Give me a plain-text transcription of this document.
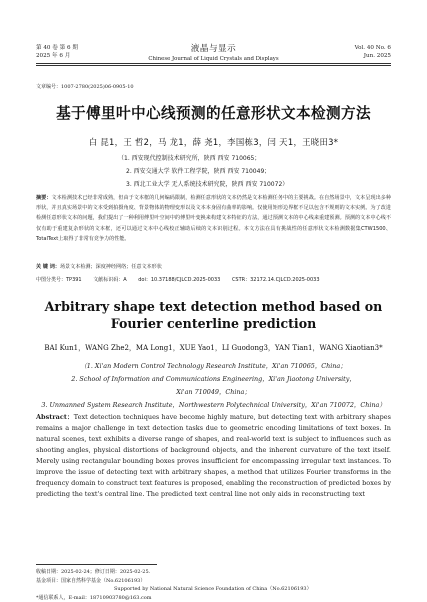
第 40 卷 第 6 期
2025 年 6 月
液晶与显示
Chinese Journal of Liquid Crystals and Displays
Vol. 40 No. 6
Jun. 2025
文章编号：1007-2780(2025)06-0905-10
基于傅里叶中心线预测的任意形状文本检测方法
白 昆1，王 哲2，马 龙1，薛 尧1，李国栋3，闫 天1，王晓田3*
（1. 西安现代控制技术研究所，陕西 西安 710065；
2. 西安交通大学 软件工程学院，陕西 西安 710049；
3. 西北工业大学 无人系统技术研究院，陕西 西安 710072）
摘要：文本检测技术已经非常成熟，但由于文本框的几何编码限制，检测任意形状的文本仍然是文本检测任务中的主要挑战。在自然场景中，文本呈现出多种形状，并且真实场景中的文本受到拍摄角度、背景物体的物理变形以及文本本身固有曲率的影响。仅使用矩形边界框不足以包含不规则的文本实例。为了改进检测任意形状文本的问题，我们提出了一种利用傅里叶空间中的傅里叶变换来构建文本特征的方法，通过预测文本的中心线来重建预测。预测的文本中心线不仅有助于重建复杂形状的文本框，还可以通过文本中心线校正辅助后续的文本识别过程。本文方法在具有挑战性的任意形状文本检测数据集CTW1500、TotalText上取得了非常有竞争力的性能。
关 键 词：场景文本检测；深度神经网络；任意文本形状
中图分类号：TP391 文献标识码：A doi：10.37188/CJLCD.2025-0033 CSTR：32172.14.CJLCD.2025-0033
Arbitrary shape text detection method based on Fourier centerline prediction
BAI Kun1，WANG Zhe2，MA Long1，XUE Yao1，LI Guodong3，YAN Tian1，WANG Xiaotian3*
（1. Xi'an Modern Control Technology Research Institute，Xi'an 710065，China；
2. School of Information and Communications Engineering，Xi'an Jiaotong University，
Xi'an 710049，China；
3. Unmanned System Research Institute，Northwestern Polytechnical University，Xi'an 710072，China）
Abstract：Text detection techniques have become highly mature, but detecting text with arbitrary shapes remains a major challenge in text detection tasks due to geometric encoding limitations of text boxes. In natural scenes, text exhibits a diverse range of shapes, and real-world text is subject to influences such as shooting angles, physical distortions of background objects, and the inherent curvature of the text itself. Merely using rectangular bounding boxes proves insufficient for encompassing irregular text instances. To improve the issue of detecting text with arbitrary shapes, a method that utilizes Fourier transforms in the frequency domain to construct text features is proposed, enabling the reconstruction of predicted boxes by predicting the text's central line. The predicted text central line not only aids in reconstructing text
收稿日期：2025-02-24；修订日期：2025-02-25.
基金项目：国家自然科学基金（No.62106193）
Supported by National Natural Science Foundation of China（No.62106193）
*通信联系人，E-mail：18710903780@163.com
